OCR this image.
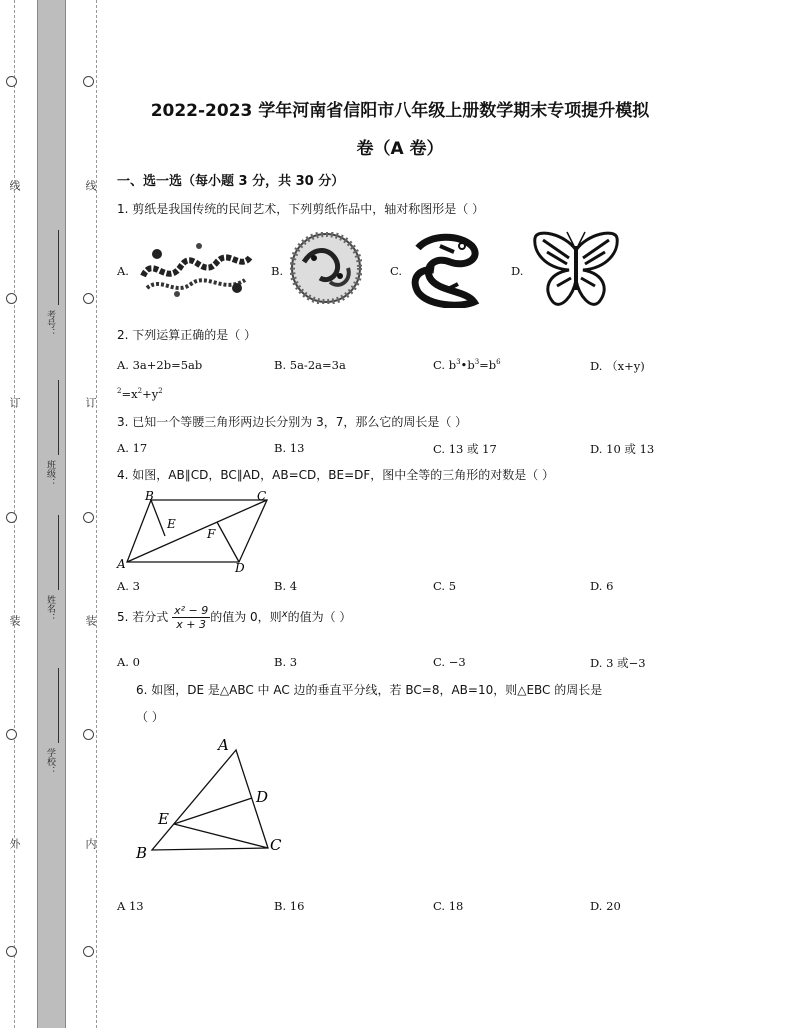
线
订
装
外
线
订
装
内
考号：
班级：
姓名：
学校：
2022-2023 学年河南省信阳市八年级上册数学期末专项提升模拟
卷（A 卷）
一、选一选（每小题 3 分，共 30 分）
1. 剪纸是我国传统的民间艺术，下列剪纸作品中，轴对称图形是（ ）
A.	B.	C.	D.
2. 下列运算正确的是（ ）
A. 3a+2b=5ab	B. 5a-2a=3a	C. $b^3•b^3=b^6$	D. （x+y)
$^2=x^2+y^2$
3. 已知一个等腰三角形两边长分别为 3，7，那么它的周长是（ ）
A. 17	B. 13	C. 13 或 17	D. 10 或 13
4. 如图，AB∥CD，BC∥AD，AB=CD，BE=DF，图中全等的三角形的对数是（ ）
B	C
E
F
A	D
A. 3	B. 4	C. 5	D. 6
5. 若分式 $\frac{\text{x² − 9}}{x + 3}$ 的值为 0，则$^x$的值为（ ）
A. 0	B. 3	C. −3	D. 3 或−3
6. 如图，DE 是△ABC 中 AC 边的垂直平分线，若 BC=8，AB=10，则△EBC 的周长是
（ ）
A
D
E
B	C
A 13	B. 16	C. 18	D. 20
